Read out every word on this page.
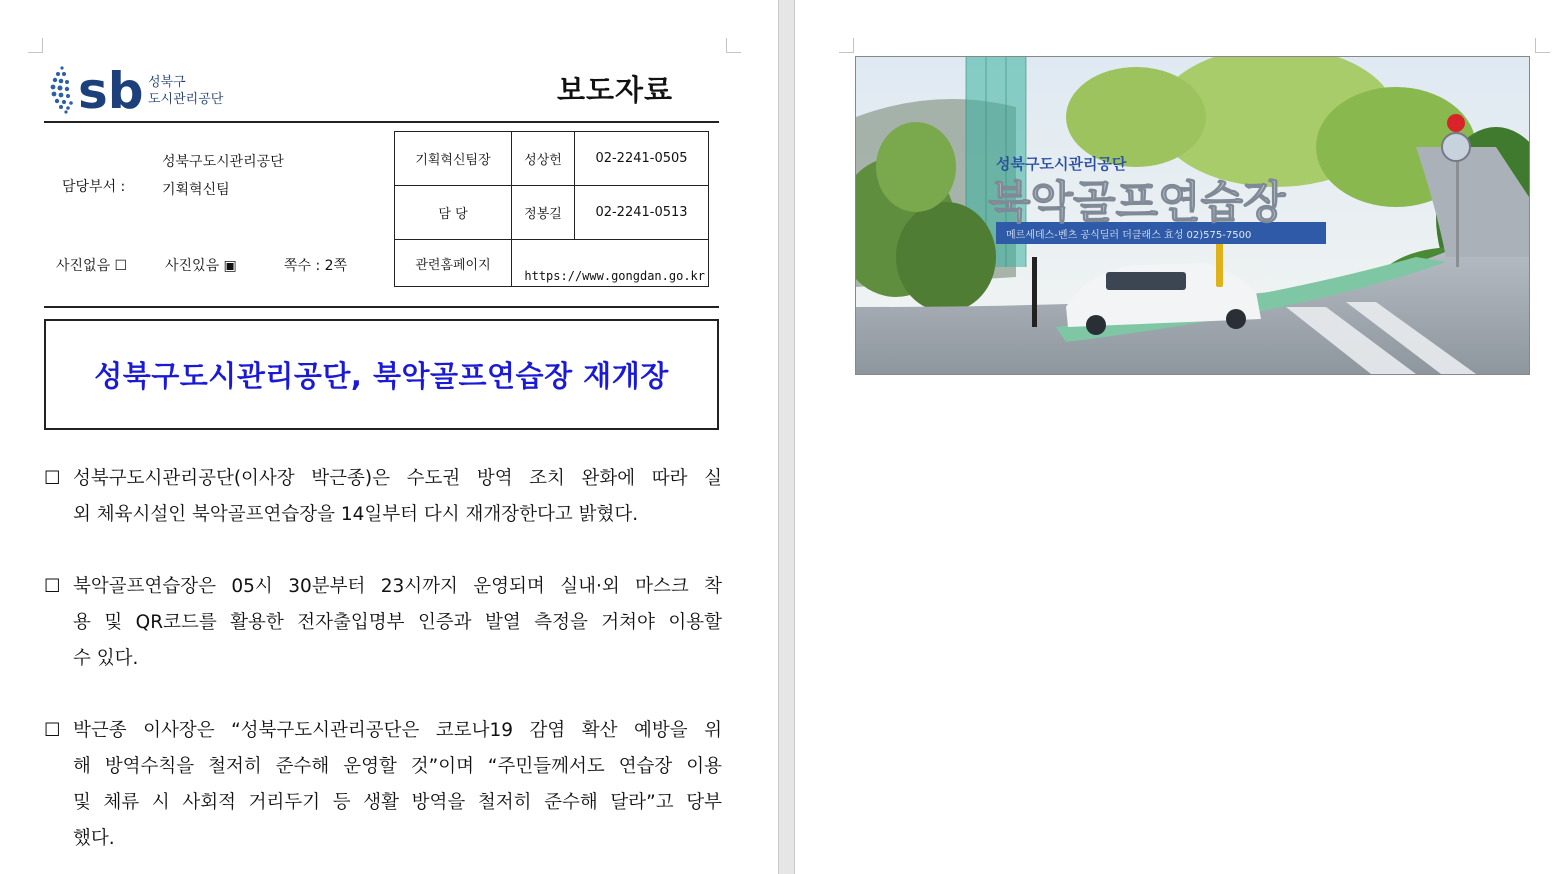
sb 성북구
도시관리공단	보도자료
담당부서 :
성북구도시관리공단
기획혁신팀
사진없음 ☐	사진있음 ▣	쪽수 : 2쪽
기획혁신팀장	성상헌	02-2241-0505
담 당	정봉길	02-2241-0513
관련홈페이지	https://www.gongdan.go.kr	
성북구도시관리공단, 북악골프연습장 재개장
☐ 성북구도시관리공단(이사장 박근종)은 수도권 방역 조치 완화에 따라 실
외 체육시설인 북악골프연습장을 14일부터 다시 재개장한다고 밝혔다.
☐ 북악골프연습장은 05시 30분부터 23시까지 운영되며 실내·외 마스크 착
용 및 QR코드를 활용한 전자출입명부 인증과 발열 측정을 거쳐야 이용할
수 있다.
☐ 박근종 이사장은 “성북구도시관리공단은 코로나19 감염 확산 예방을 위
해 방역수칙을 철저히 준수해 운영할 것”이며 “주민들께서도 연습장 이용
및 체류 시 사회적 거리두기 등 생활 방역을 철저히 준수해 달라”고 당부
했다.
메르세데스-벤츠 공식딜러 더클래스 효성 02)575-7500
성북구도시관리공단
북악골프연습장
